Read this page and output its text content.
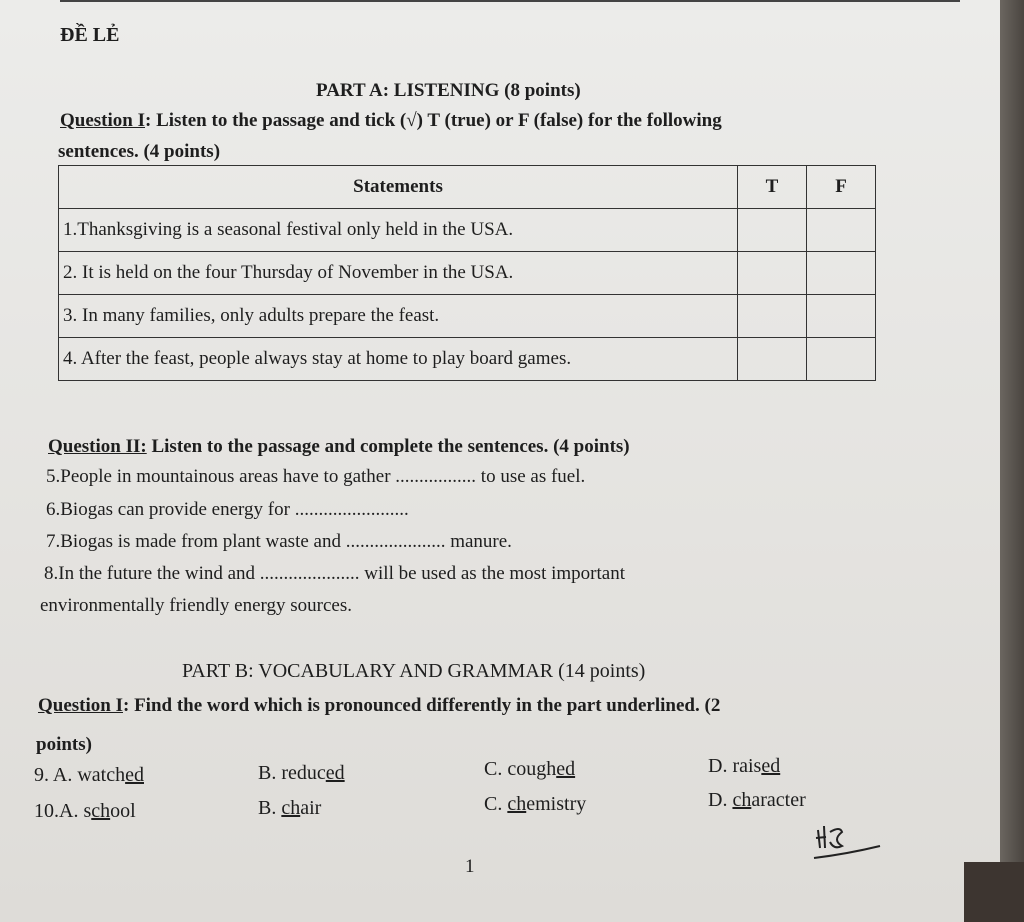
ĐỀ LẺ
PART A: LISTENING (8 points)
Question I: Listen to the passage and tick (√) T (true) or F (false) for the following
sentences. (4 points)
Statements	T	F
1.Thanksgiving is a seasonal festival only held in the USA.		
2. It is held on the four Thursday of November in the USA.		
3. In many families, only adults prepare the feast.		
4. After the feast, people always stay at home to play board games.		
Question II: Listen to the passage and complete the sentences. (4 points)
5.People in mountainous areas have to gather ................. to use as fuel.
6.Biogas can provide energy for ........................
7.Biogas is made from plant waste and ..................... manure.
8.In the future the wind and ..................... will be used as the most important
environmentally friendly energy sources.
PART B: VOCABULARY AND GRAMMAR (14 points)
Question I: Find the word which is pronounced differently in the part underlined. (2
points)
9. A. watched	B. reduced	C. coughed	D. raised
10.A. school	B. chair	C. chemistry	D. character
1
